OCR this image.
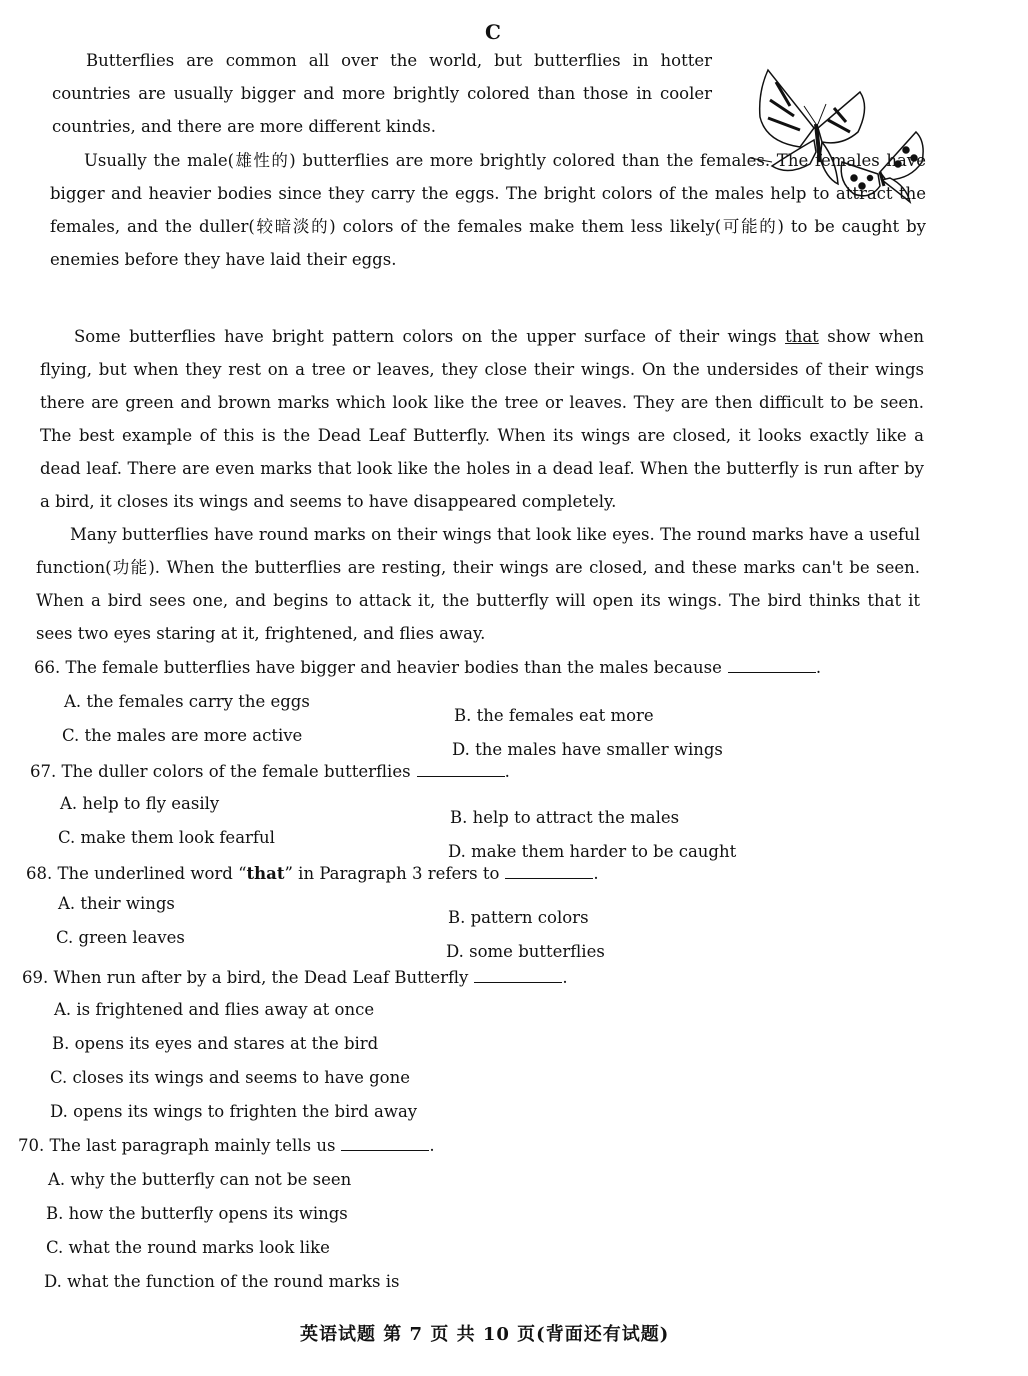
C

Butterflies are common all over the world, but butterflies in hotter countries are usually bigger and more brightly colored than those in cooler countries, and there are more different kinds.

Usually the male(雄性的) butterflies are more brightly colored than the females. The females have bigger and heavier bodies since they carry the eggs. The bright colors of the males help to attract the females, and the duller(较暗淡的) colors of the females make them less likely(可能的) to be caught by enemies before they have laid their eggs.

Some butterflies have bright pattern colors on the upper surface of their wings that show when flying, but when they rest on a tree or leaves, they close their wings. On the undersides of their wings there are green and brown marks which look like the tree or leaves. They are then difficult to be seen. The best example of this is the Dead Leaf Butterfly. When its wings are closed, it looks exactly like a dead leaf. There are even marks that look like the holes in a dead leaf. When the butterfly is run after by a bird, it closes its wings and seems to have disappeared completely.

Many butterflies have round marks on their wings that look like eyes. The round marks have a useful function(功能). When the butterflies are resting, their wings are closed, and these marks can't be seen. When a bird sees one, and begins to attack it, the butterfly will open its wings. The bird thinks that it sees two eyes staring at it, frightened, and flies away.

66. The female butterflies have bigger and heavier bodies than the males because	.
A. the females carry the eggs
B. the females eat more
C. the males are more active
D. the males have smaller wings
67. The duller colors of the female butterflies	.
A. help to fly easily
B. help to attract the males
C. make them look fearful
D. make them harder to be caught
68. The underlined word “that” in Paragraph 3 refers to	.
A. their wings
B. pattern colors
C. green leaves
D. some butterflies
69. When run after by a bird, the Dead Leaf Butterfly	.
A. is frightened and flies away at once
B. opens its eyes and stares at the bird
C. closes its wings and seems to have gone
D. opens its wings to frighten the bird away
70. The last paragraph mainly tells us	.
A. why the butterfly can not be seen
B. how the butterfly opens its wings
C. what the round marks look like
D. what the function of the round marks is
英语试题 第 7 页 共 10 页(背面还有试题)
